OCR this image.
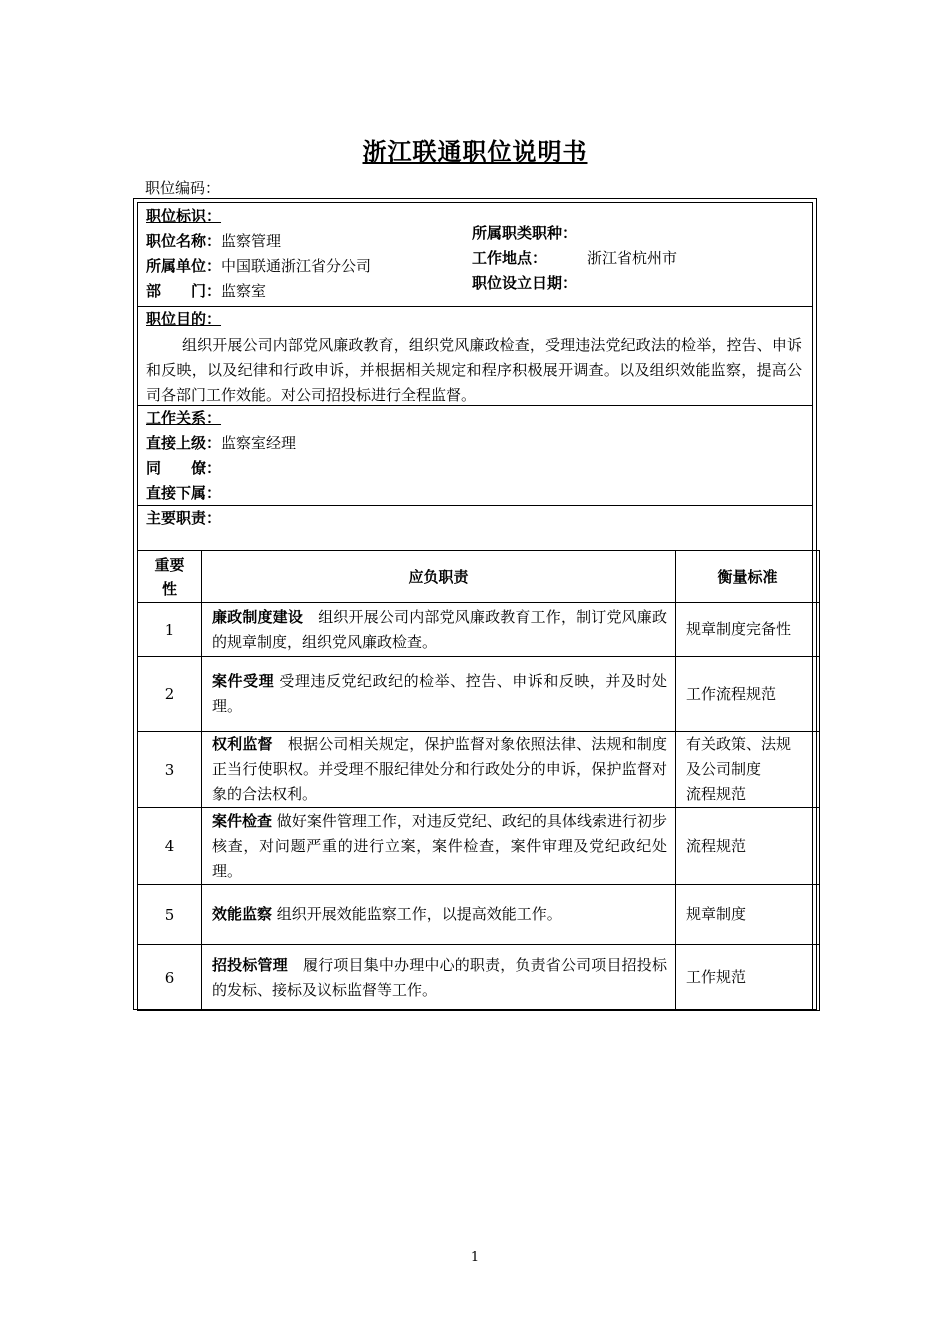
浙江联通职位说明书
职位编码：
职位标识：
职位名称：监察管理
所属单位：中国联通浙江省分公司
部　　门：监察室
所属职类职种：
工作地点：	浙江省杭州市
职位设立日期：
职位目的：
组织开展公司内部党风廉政教育，组织党风廉政检查，受理违法党纪政法的检举，控告、申诉和反映，以及纪律和行政申诉，并根据相关规定和程序积极展开调查。以及组织效能监察，提高公司各部门工作效能。对公司招投标进行全程监督。
工作关系：
直接上级：监察室经理
同　　僚：
直接下属：
主要职责：
重要
性	应负职责	衡量标准
1	廉政制度建设　组织开展公司内部党风廉政教育工作，制订党风廉政的规章制度，组织党风廉政检查。	规章制度完备性
2	案件受理 受理违反党纪政纪的检举、控告、申诉和反映，并及时处理。	工作流程规范
3	权利监督　根据公司相关规定，保护监督对象依照法律、法规和制度正当行使职权。并受理不服纪律处分和行政处分的申诉，保护监督对象的合法权利。	有关政策、法规
及公司制度
流程规范

4	案件检查 做好案件管理工作，对违反党纪、政纪的具体线索进行初步核查，对问题严重的进行立案，案件检查，案件审理及党纪政纪处理。	流程规范
5	效能监察 组织开展效能监察工作，以提高效能工作。	规章制度
6	招投标管理　履行项目集中办理中心的职责，负责省公司项目招投标的发标、接标及议标监督等工作。	工作规范
1
